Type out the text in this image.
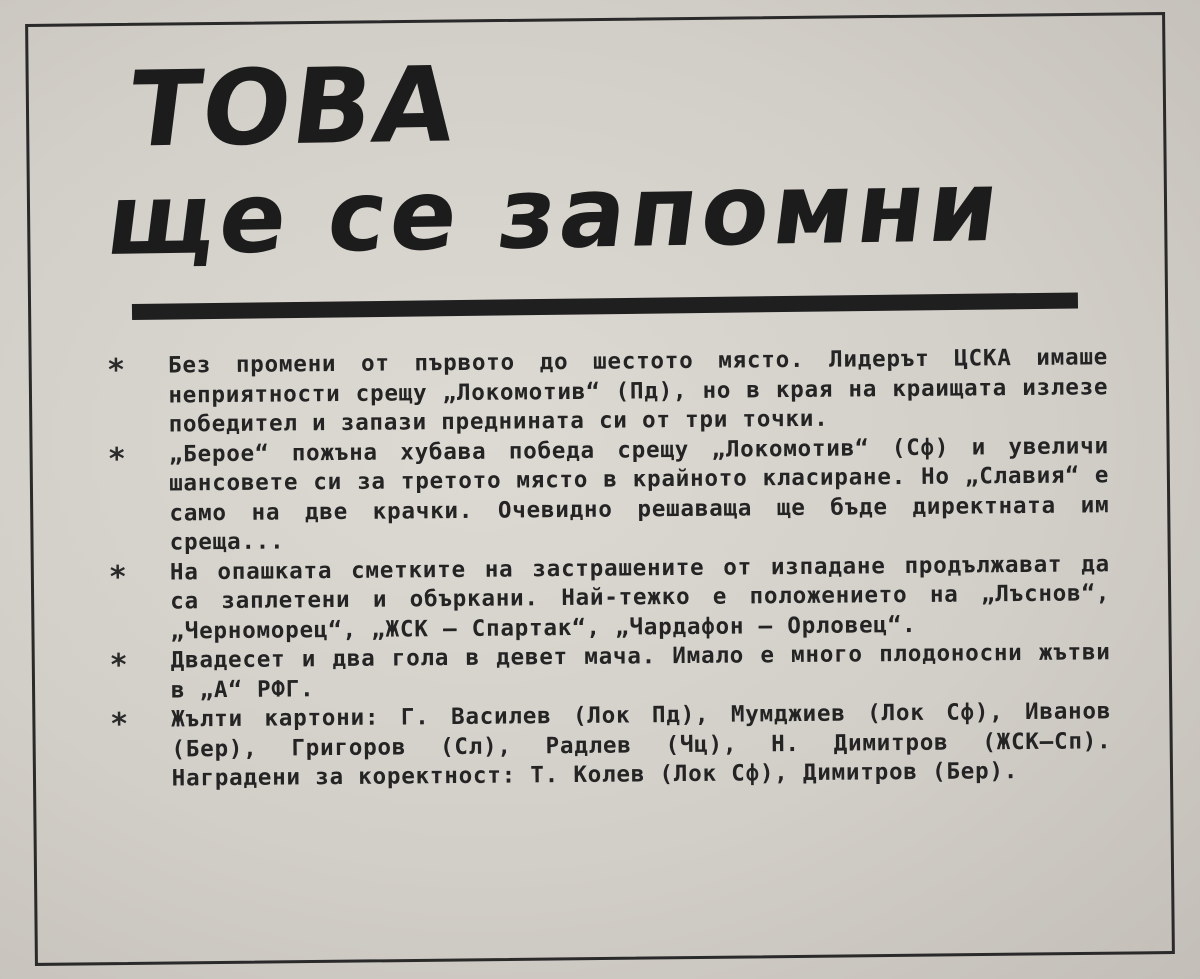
ТОВА
ще се запомни
*	Без промени от първото до шестото място. Лидерът ЦСКА имаше неприятности срещу „Локомотив“ (Пд), но в края на краищата излезе победител и запази преднината си от три точки.
*	„Берое“ пожъна хубава победа срещу „Локомотив“ (Сф) и увеличи шансовете си за третото място в крайното класиране. Но „Славия“ е само на две крачки. Очевидно решаваща ще бъде директната им среща...
*	На опашката сметките на застрашените от изпадане продължават да са заплетени и объркани. Най-тежко е положението на „Лъснов“, „Черноморец“, „ЖСК — Спартак“, „Чардафон — Орловец“.
*	Двадесет и два гола в девет мача. Имало е много плодоносни жътви в „А“ РФГ.
*	Жълти картони: Г. Василев (Лок Пд), Мумджиев (Лок Сф), Иванов (Бер), Григоров (Сл), Радлев (Чц), Н. Димитров (ЖСК—Сп). Наградени за коректност: Т. Колев (Лок Сф), Димитров (Бер).
